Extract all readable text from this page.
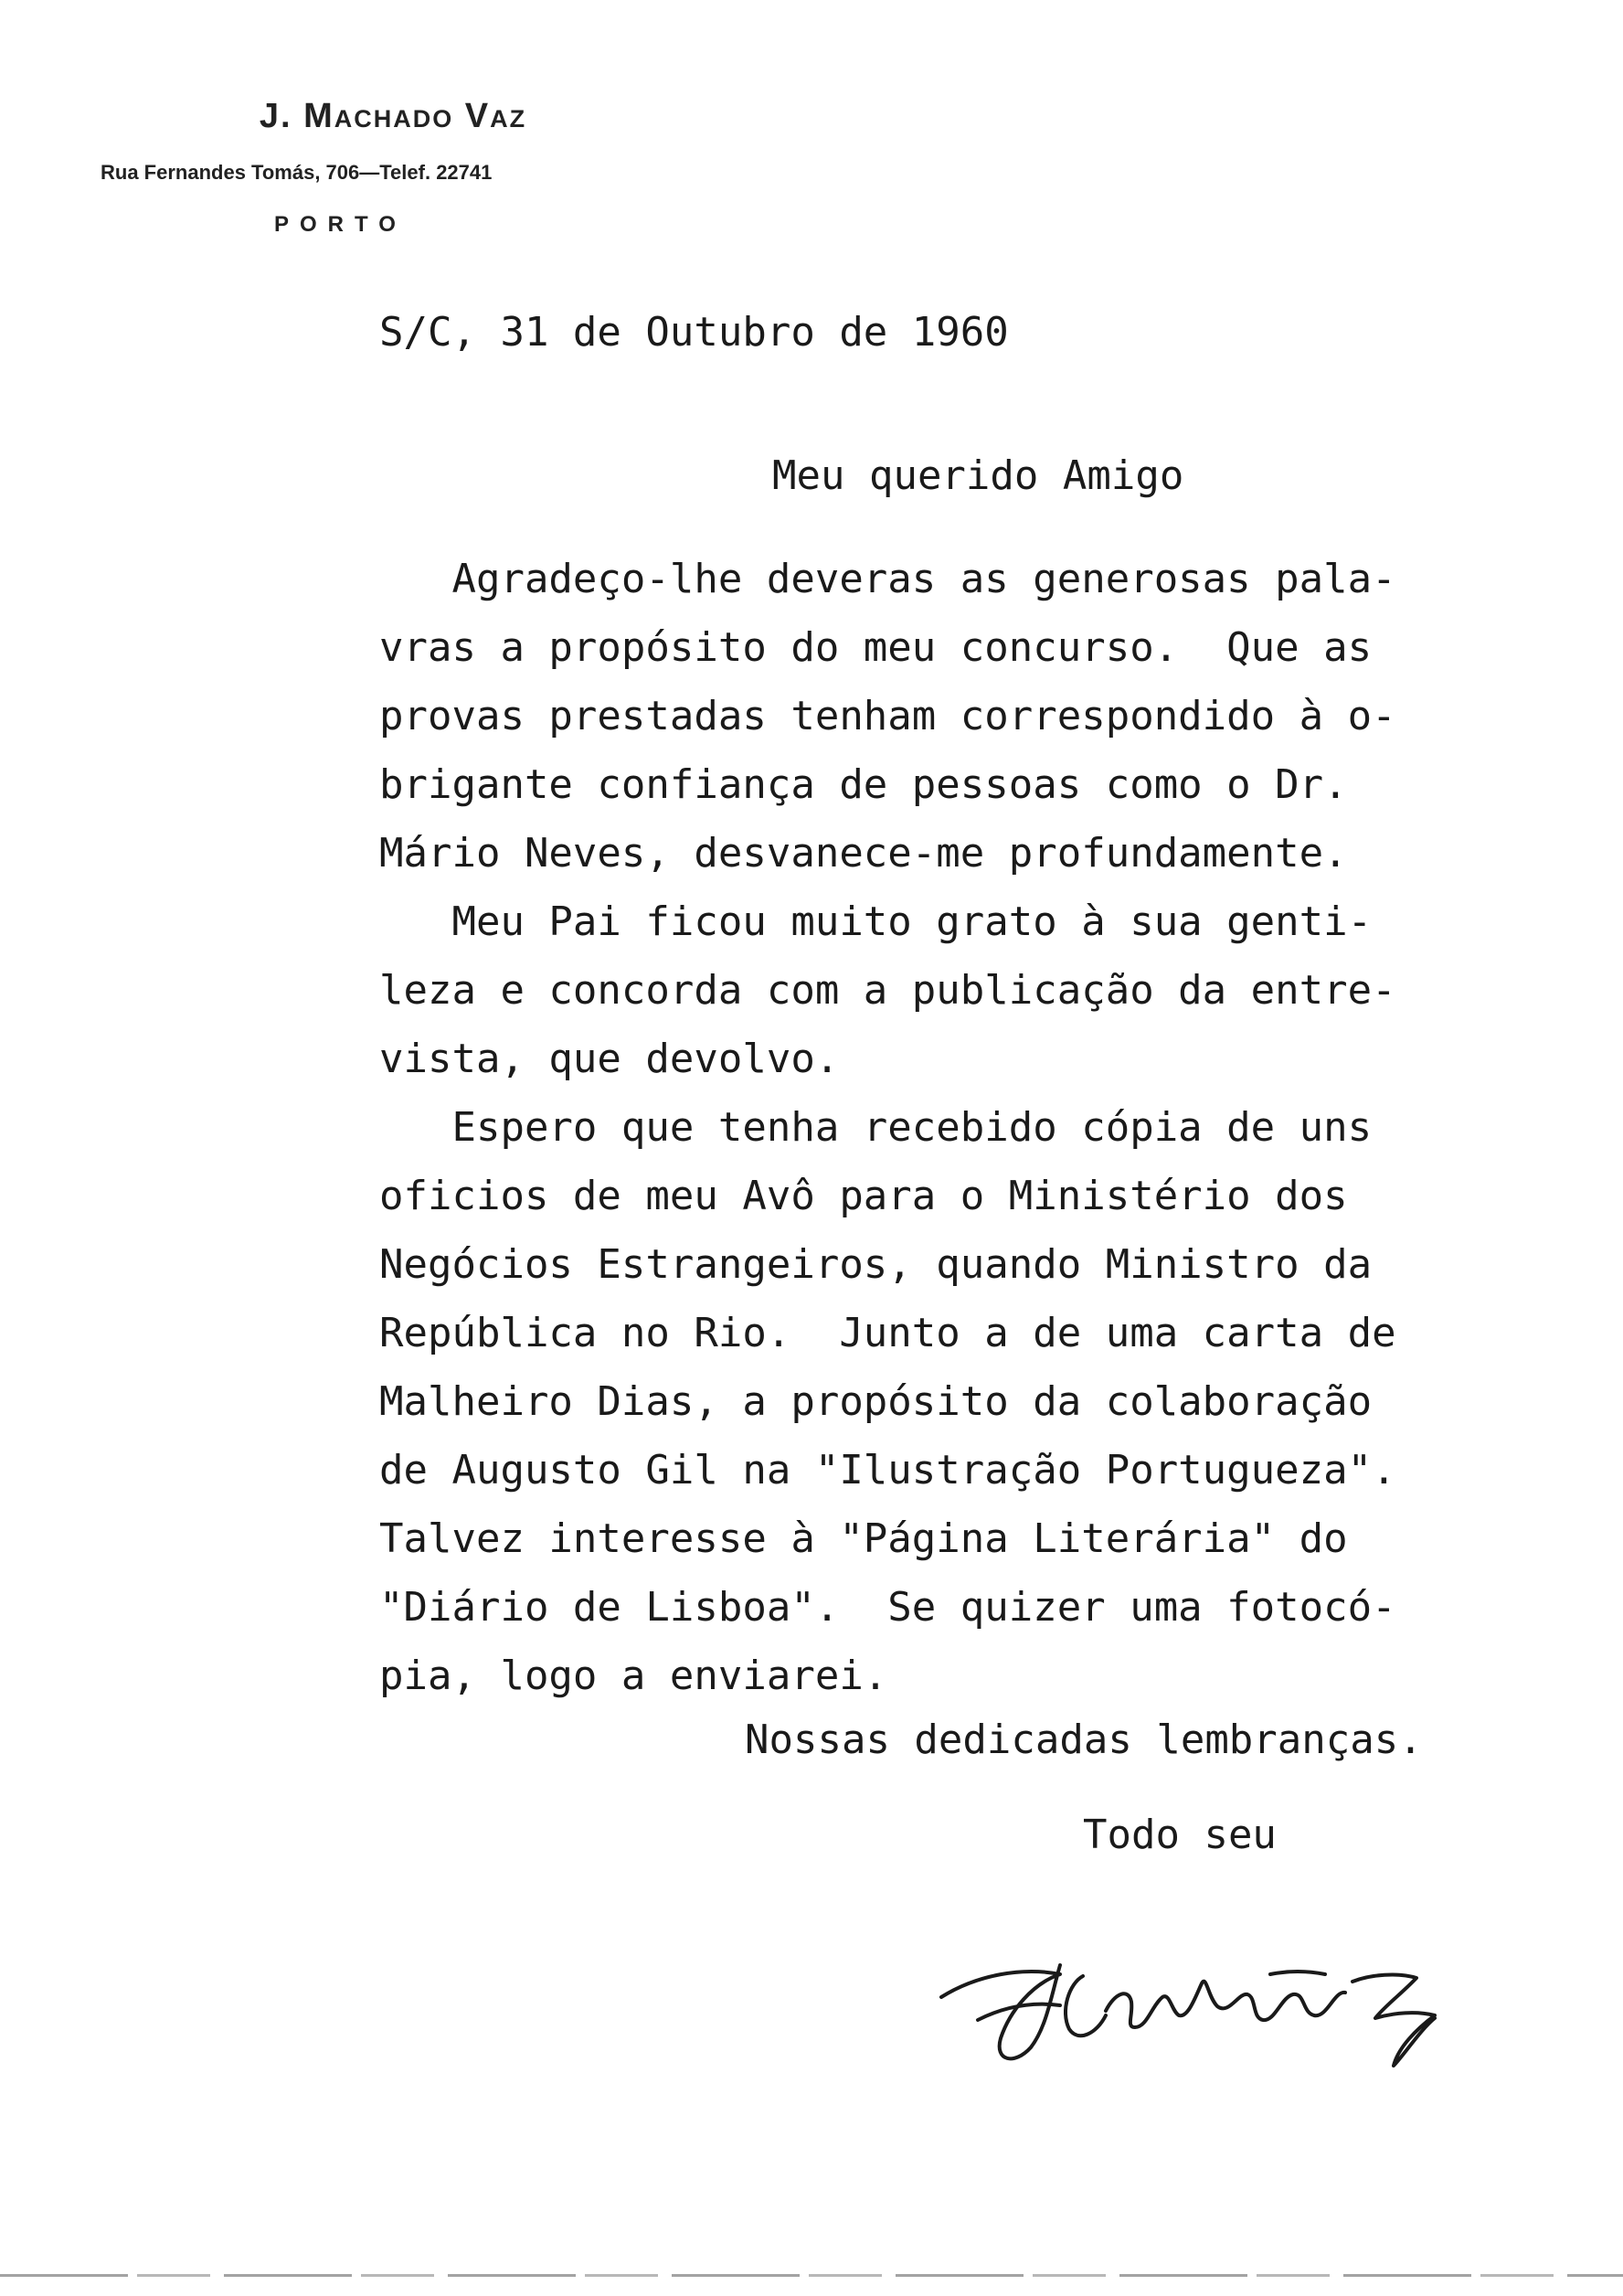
J. Machado Vaz
Rua Fernandes Tomás, 706—Telef. 22741
PORTO
S/C, 31 de Outubro de 1960
Meu querido Amigo
Agradeço-lhe deveras as generosas pala-
vras a propósito do meu concurso.  Que as
provas prestadas tenham correspondido à o-
brigante confiança de pessoas como o Dr.
Mário Neves, desvanece-me profundamente.
Meu Pai ficou muito grato à sua genti-
leza e concorda com a publicação da entre-
vista, que devolvo.
Espero que tenha recebido cópia de uns
oficios de meu Avô para o Ministério dos
Negócios Estrangeiros, quando Ministro da
República no Rio.  Junto a de uma carta de
Malheiro Dias, a propósito da colaboração
de Augusto Gil na "Ilustração Portugueza".
Talvez interesse à "Página Literária" do
"Diário de Lisboa".  Se quizer uma fotocó-
pia, logo a enviarei.
Nossas dedicadas lembranças.
Todo seu
